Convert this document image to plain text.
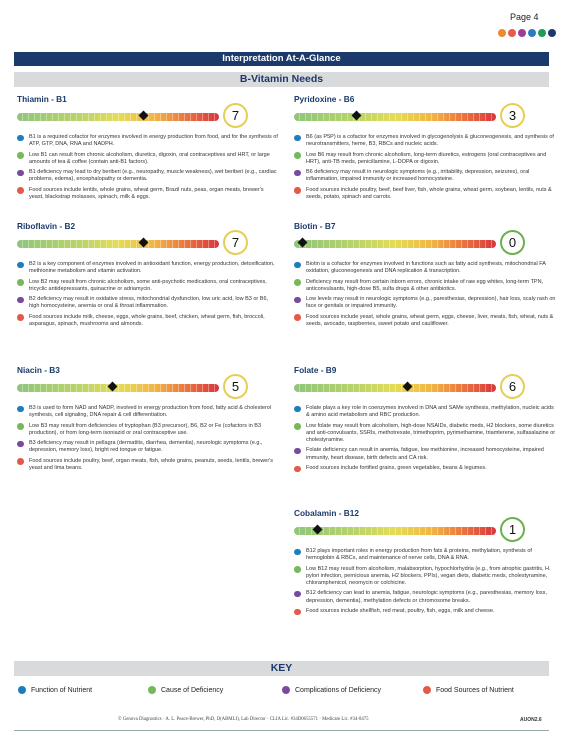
Page 4
Interpretation At-A-Glance
B-Vitamin Needs
Thiamin - B1
7
B1 is a required cofactor for enzymes involved in energy production from food, and for the synthesis of ATP, GTP, DNA, RNA and NADPH.
Low B1 can result from chronic alcoholism, diuretics, digoxin, oral contraceptives and HRT, or large amounts of tea & coffee (contain anti-B1 factors).
B1 deficiency may lead to dry beriberi (e.g., neuropathy, muscle weakness), wet beriberi (e.g., cardiac problems, edema), encephalopathy or dementia.
Food sources include lentils, whole grains, wheat germ, Brazil nuts, peas, organ meats, brewer's yeast, blackstrap molasses, spinach, milk & eggs.
Riboflavin - B2
7
B2 is a key component of enzymes involved in antioxidant function, energy production, detoxification, methionine metabolism and vitamin activation.
Low B2 may result from chronic alcoholism, some anti-psychotic medications, oral contraceptives, tricyclic antidepressants, quinacrine or adriamycin.
B2 deficiency may result in oxidative stress, mitochondrial dysfunction, low uric acid, low B3 or B6, high homocysteine, anemia or oral & throat inflammation.
Food sources include milk, cheese, eggs, whole grains, beef, chicken, wheat germ, fish, broccoli, asparagus, spinach, mushrooms and almonds.
Niacin - B3
5
B3 is used to form NAD and NADP, involved in energy production from food, fatty acid & cholesterol synthesis, cell signaling, DNA repair & cell differentiation.
Low B3 may result from deficiencies of tryptophan (B3 precursor), B6, B2 or Fe (cofactors in B3 production), or from long-term isoniazid or oral contraceptive use.
B3 deficiency may result in pellagra (dermatitis, diarrhea, dementia), neurologic symptoms (e.g., depression, memory loss), bright red tongue or fatigue.
Food sources include poultry, beef, organ meats, fish, whole grains, peanuts, seeds, lentils, brewer's yeast and lima beans.
Pyridoxine - B6
3
B6 (as P5P) is a cofactor for enzymes involved in glycogenolysis & gluconeogenesis, and synthesis of neurotransmitters, heme, B3, RBCs and nucleic acids.
Low B6 may result from chronic alcoholism, long-term diuretics, estrogens (oral contraceptives and HRT), anti-TB meds, penicillamine, L-DOPA or digoxin.
B6 deficiency may result in neurologic symptoms (e.g., irritability, depression, seizures), oral inflammation, impaired immunity or increased homocysteine.
Food sources include poultry, beef, beef liver, fish, whole grains, wheat germ, soybean, lentils, nuts & seeds, potato, spinach and carrots.
Biotin - B7
0
Biotin is a cofactor for enzymes involved in functions such as fatty acid synthesis, mitochondrial FA oxidation, gluconeogenesis and DNA replication & transcription.
Deficiency may result from certain inborn errors, chronic intake of raw egg whites, long-term TPN, anticonvulsants, high-dose B5, sulfa drugs & other antibiotics.
Low levels may result in neurologic symptoms (e.g., paresthesias, depression), hair loss, scaly rash on face or genitals or impaired immunity.
Food sources include yeast, whole grains, wheat germ, eggs, cheese, liver, meats, fish, wheat, nuts & seeds, avocado, raspberries, sweet potato and cauliflower.
Folate - B9
6
Folate plays a key role in coenzymes involved in DNA and SAMe synthesis, methylation, nucleic acids & amino acid metabolism and RBC production.
Low folate may result from alcoholism, high-dose NSAIDs, diabetic meds, H2 blockers, some diuretics and anti-convulsants, SSRIs, methotrexate, trimethoprim, pyrimethamine, triamterene, sulfasalazine or cholestyramine.
Folate deficiency can result in anemia, fatigue, low methionine, increased homocysteine, impaired immunity, heart disease, birth defects and CA risk.
Food sources include fortified grains, green vegetables, beans & legumes.
Cobalamin - B12
1
B12 plays important roles in energy production from fats & proteins, methylation, synthesis of hemoglobin & RBCs, and maintenance of nerve cells, DNA & RNA.
Low B12 may result from alcoholism, malabsorption, hypochlorhydria (e.g., from atrophic gastritis, H. pylori infection, pernicious anemia, H2 blockers, PPIs), vegan diets, diabetic meds, cholestyramine, chloramphenicol, neomycin or colchicine.
B12 deficiency can lead to anemia, fatigue, neurologic symptoms (e.g., paresthesias, memory loss, depression, dementia), methylation defects or chromosome breaks.
Food sources include shellfish, red meat, poultry, fish, eggs, milk and cheese.
KEY
Function of Nutrient	Cause of Deficiency	Complications of Deficiency	Food Sources of Nutrient
© Genova Diagnostics · A. L. Peace-Brewer, PhD, D(ABMLI), Lab Director · CLIA Lic. #34D0655571 · Medicare Lic. #34-8475	AUON2.6
